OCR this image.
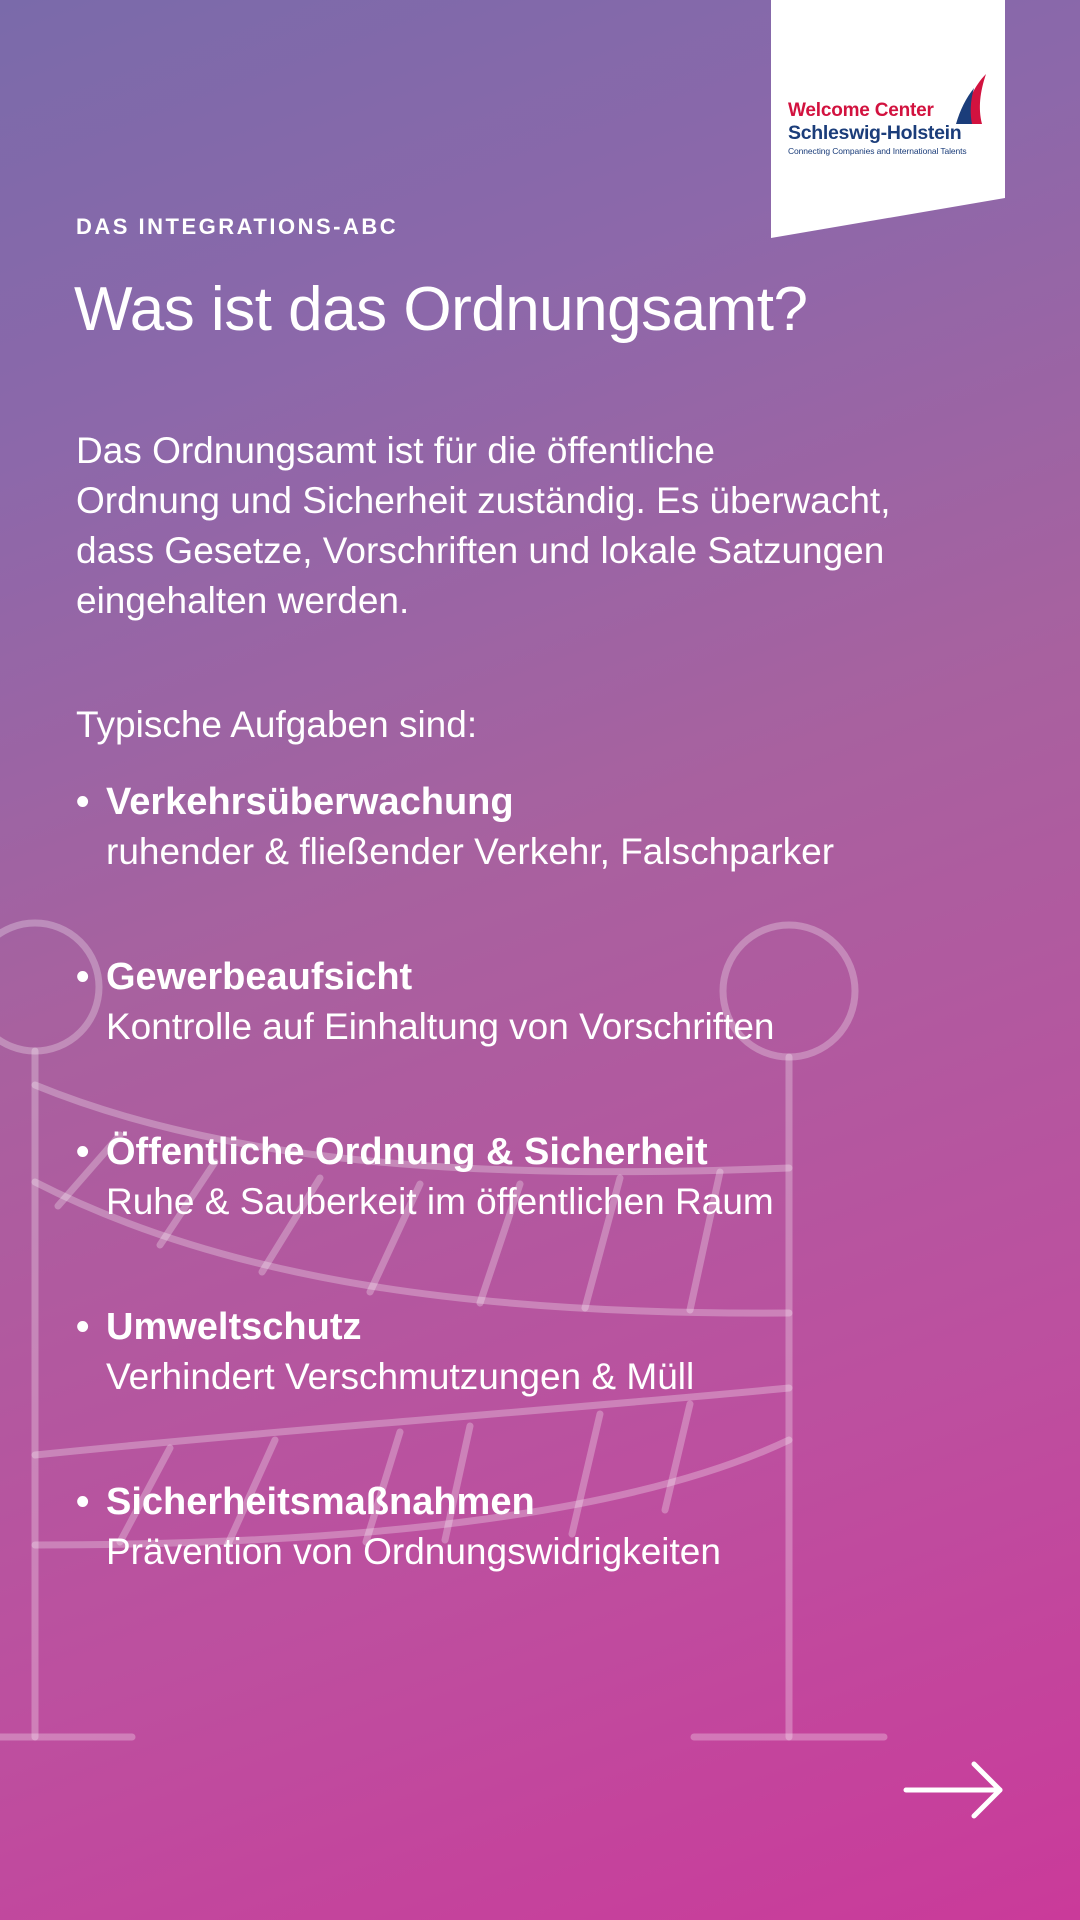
Welcome Center
Schleswig-Holstein
Connecting Companies and International Talents
DAS INTEGRATIONS-ABC
Was ist das Ordnungsamt?

Das Ordnungsamt ist für die öffentliche
Ordnung und Sicherheit zuständig. Es überwacht,
dass Gesetze, Vorschriften und lokale Satzungen
eingehalten werden.

Typische Aufgaben sind:

• Verkehrsüberwachung
ruhender & fließender Verkehr, Falschparker
• Gewerbeaufsicht
Kontrolle auf Einhaltung von Vorschriften
• Öffentliche Ordnung & Sicherheit
Ruhe & Sauberkeit im öffentlichen Raum
• Umweltschutz
Verhindert Verschmutzungen & Müll
• Sicherheitsmaßnahmen
Prävention von Ordnungswidrigkeiten
